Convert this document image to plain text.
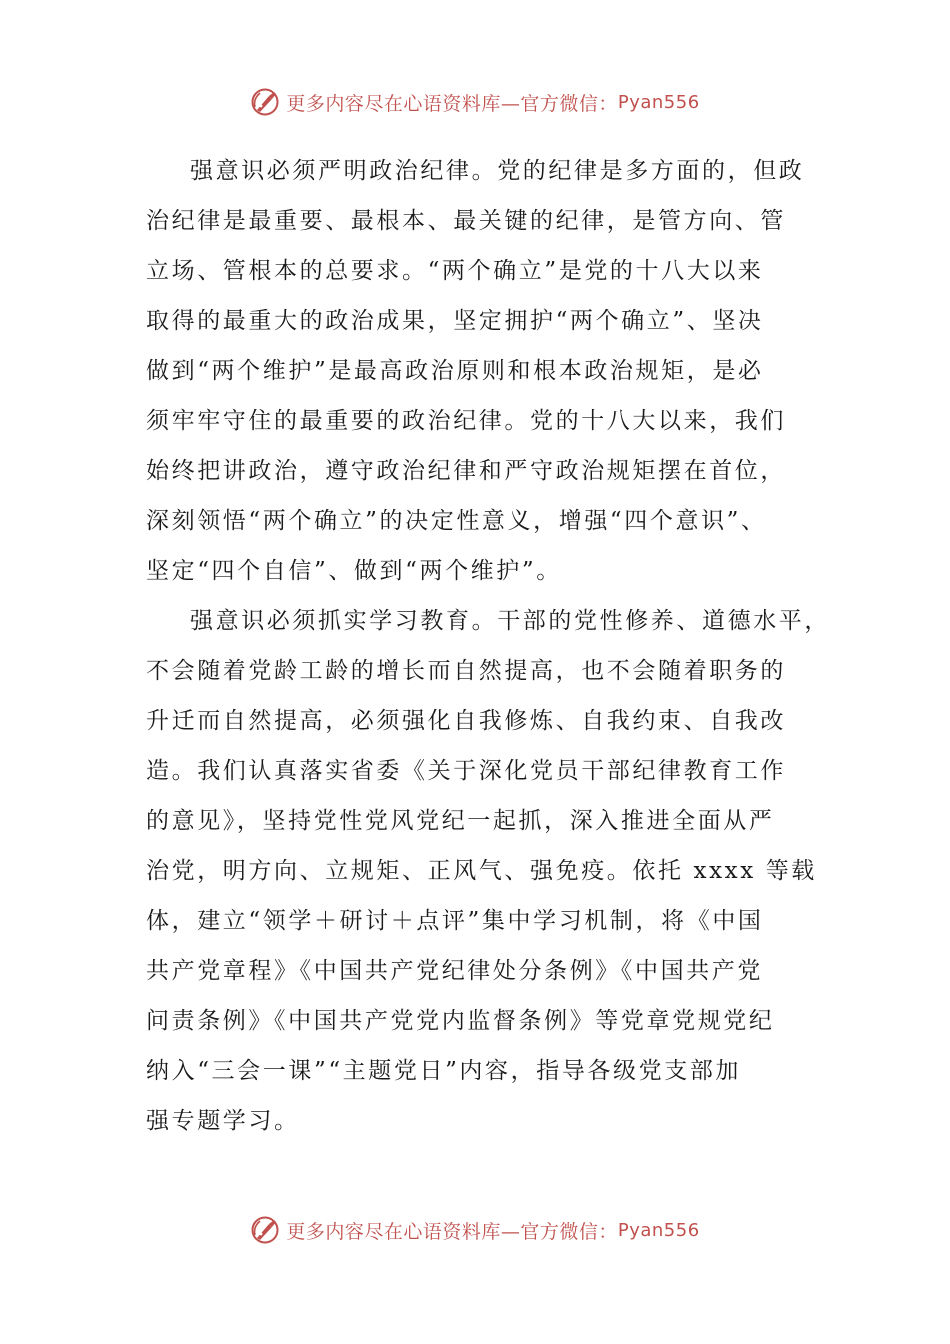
更多内容尽在心语资料库—官方微信： Pyan556

强意识必须严明政治纪律。党的纪律是多方面的，但政

治纪律是最重要、最根本、最关键的纪律，是管方向、管

立场、管根本的总要求。“两个确立”是党的十八大以来

取得的最重大的政治成果，坚定拥护“两个确立”、坚决

做到“两个维护”是最高政治原则和根本政治规矩，是必

须牢牢守住的最重要的政治纪律。党的十八大以来，我们

始终把讲政治，遵守政治纪律和严守政治规矩摆在首位，

深刻领悟“两个确立”的决定性意义，增强“四个意识”、

坚定“四个自信”、做到“两个维护”。

强意识必须抓实学习教育。干部的党性修养、道德水平，

不会随着党龄工龄的增长而自然提高，也不会随着职务的

升迁而自然提高，必须强化自我修炼、自我约束、自我改

造。我们认真落实省委《关于深化党员干部纪律教育工作

的意见》，坚持党性党风党纪一起抓，深入推进全面从严

治党，明方向、立规矩、正风气、强免疫。依托 xxxx 等载

体，建立“领学＋研讨＋点评”集中学习机制，将《中国

共产党章程》《中国共产党纪律处分条例》《中国共产党

问责条例》《中国共产党党内监督条例》等党章党规党纪

纳入“三会一课”“主题党日”内容，指导各级党支部加

强专题学习。

更多内容尽在心语资料库—官方微信： Pyan556
